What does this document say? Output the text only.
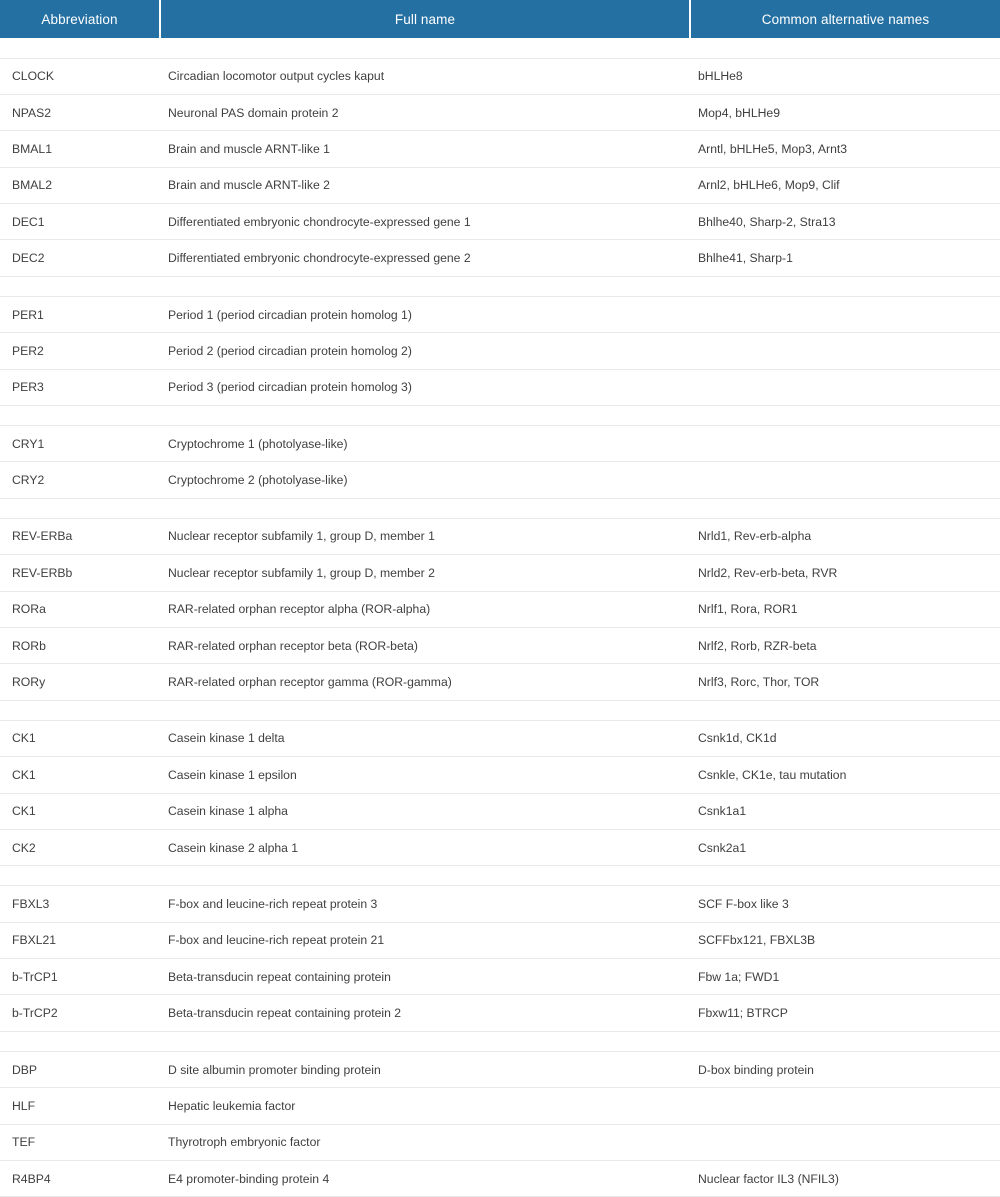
Abbreviation	Full name	Common alternative names

CLOCK	Circadian locomotor output cycles kaput	bHLHe8
NPAS2	Neuronal PAS domain protein 2	Mop4, bHLHe9
BMAL1	Brain and muscle ARNT-like 1	Arntl, bHLHe5, Mop3, Arnt3
BMAL2	Brain and muscle ARNT-like 2	Arnl2, bHLHe6, Mop9, Clif
DEC1	Differentiated embryonic chondrocyte-expressed gene 1	Bhlhe40, Sharp-2, Stra13
DEC2	Differentiated embryonic chondrocyte-expressed gene 2	Bhlhe41, Sharp-1

PER1	Period 1 (period circadian protein homolog 1)	
PER2	Period 2 (period circadian protein homolog 2)	
PER3	Period 3 (period circadian protein homolog 3)	

CRY1	Cryptochrome 1 (photolyase-like)	
CRY2	Cryptochrome 2 (photolyase-like)	

REV-ERBa	Nuclear receptor subfamily 1, group D, member 1	Nrld1, Rev-erb-alpha
REV-ERBb	Nuclear receptor subfamily 1, group D, member 2	Nrld2, Rev-erb-beta, RVR
RORa	RAR-related orphan receptor alpha (ROR-alpha)	Nrlf1, Rora, ROR1
RORb	RAR-related orphan receptor beta (ROR-beta)	Nrlf2, Rorb, RZR-beta
RORy	RAR-related orphan receptor gamma (ROR-gamma)	Nrlf3, Rorc, Thor, TOR

CK1	Casein kinase 1 delta	Csnk1d, CK1d
CK1	Casein kinase 1 epsilon	Csnkle, CK1e, tau mutation
CK1	Casein kinase 1 alpha	Csnk1a1
CK2	Casein kinase 2 alpha 1	Csnk2a1

FBXL3	F-box and leucine-rich repeat protein 3	SCF F-box like 3
FBXL21	F-box and leucine-rich repeat protein 21	SCFFbx121, FBXL3B
b-TrCP1	Beta-transducin repeat containing protein	Fbw 1a; FWD1
b-TrCP2	Beta-transducin repeat containing protein 2	Fbxw11; BTRCP

DBP	D site albumin promoter binding protein	D-box binding protein
HLF	Hepatic leukemia factor	
TEF	Thyrotroph embryonic factor	
R4BP4	E4 promoter-binding protein 4	Nuclear factor IL3 (NFIL3)
